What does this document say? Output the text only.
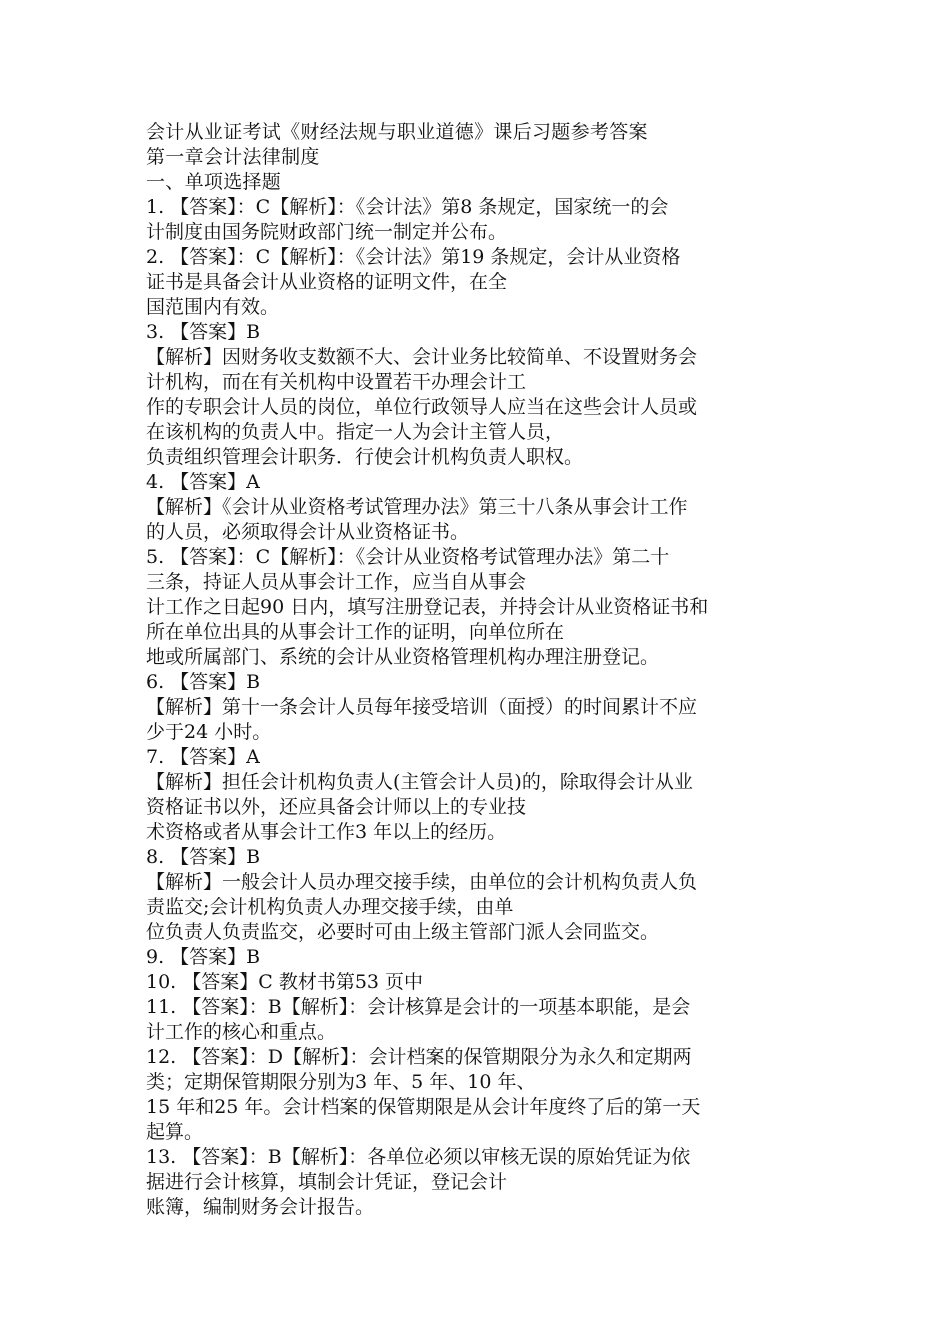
会计从业证考试《财经法规与职业道德》课后习题参考答案
第一章会计法律制度
一、单项选择题
1. 【答案】：C【解析】：《会计法》第8 条规定，国家统一的会
计制度由国务院财政部门统一制定并公布。
2. 【答案】：C【解析】：《会计法》第19 条规定，会计从业资格
证书是具备会计从业资格的证明文件，在全
国范围内有效。
3. 【答案】B
【解析】因财务收支数额不大、会计业务比较简单、不设置财务会
计机构，而在有关机构中设置若干办理会计工
作的专职会计人员的岗位，单位行政领导人应当在这些会计人员或
在该机构的负责人中。指定一人为会计主管人员，
负责组织管理会计职务．行使会计机构负责人职权。
4. 【答案】A
【解析】《会计从业资格考试管理办法》第三十八条从事会计工作
的人员，必须取得会计从业资格证书。
5. 【答案】：C【解析】：《会计从业资格考试管理办法》第二十
三条，持证人员从事会计工作，应当自从事会
计工作之日起90 日内，填写注册登记表，并持会计从业资格证书和
所在单位出具的从事会计工作的证明，向单位所在
地或所属部门、系统的会计从业资格管理机构办理注册登记。
6. 【答案】B
【解析】第十一条会计人员每年接受培训（面授）的时间累计不应
少于24 小时。
7. 【答案】A
【解析】担任会计机构负责人(主管会计人员)的，除取得会计从业
资格证书以外，还应具备会计师以上的专业技
术资格或者从事会计工作3 年以上的经历。
8. 【答案】B
【解析】一般会计人员办理交接手续，由单位的会计机构负责人负
责监交;会计机构负责人办理交接手续，由单
位负责人负责监交，必要时可由上级主管部门派人会同监交。
9. 【答案】B
10. 【答案】C 教材书第53 页中
11. 【答案】：B【解析】：会计核算是会计的一项基本职能，是会
计工作的核心和重点。
12. 【答案】：D【解析】：会计档案的保管期限分为永久和定期两
类；定期保管期限分别为3 年、5 年、10 年、
15 年和25 年。会计档案的保管期限是从会计年度终了后的第一天
起算。
13. 【答案】：B【解析】：各单位必须以审核无误的原始凭证为依
据进行会计核算，填制会计凭证，登记会计
账簿，编制财务会计报告。
